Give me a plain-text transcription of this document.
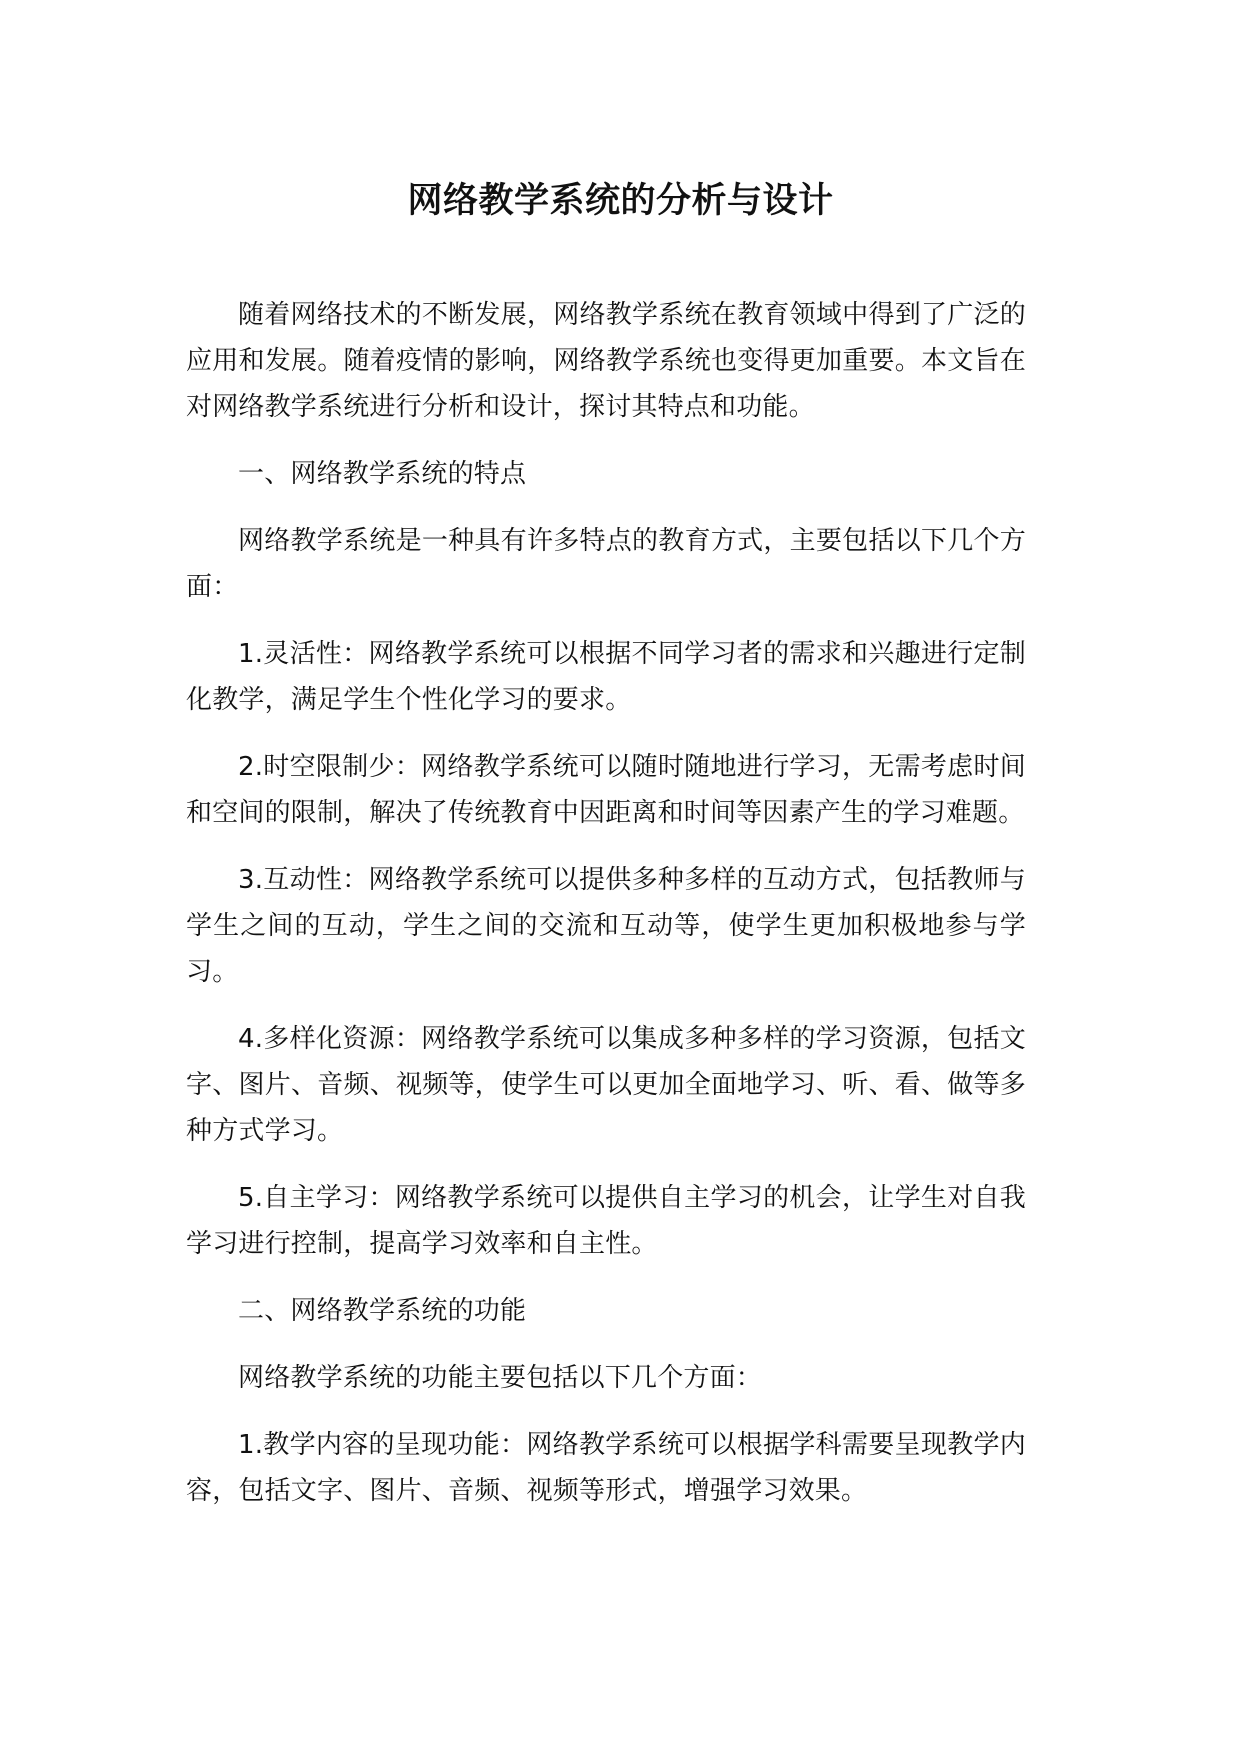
网络教学系统的分析与设计

随着网络技术的不断发展，网络教学系统在教育领域中得到了广泛的应用和发展。随着疫情的影响，网络教学系统也变得更加重要。本文旨在对网络教学系统进行分析和设计，探讨其特点和功能。

一、网络教学系统的特点

网络教学系统是一种具有许多特点的教育方式，主要包括以下几个方面：

1.灵活性：网络教学系统可以根据不同学习者的需求和兴趣进行定制化教学，满足学生个性化学习的要求。

2.时空限制少：网络教学系统可以随时随地进行学习，无需考虑时间和空间的限制，解决了传统教育中因距离和时间等因素产生的学习难题。

3.互动性：网络教学系统可以提供多种多样的互动方式，包括教师与学生之间的互动，学生之间的交流和互动等，使学生更加积极地参与学习。

4.多样化资源：网络教学系统可以集成多种多样的学习资源，包括文字、图片、音频、视频等，使学生可以更加全面地学习、听、看、做等多种方式学习。

5.自主学习：网络教学系统可以提供自主学习的机会，让学生对自我学习进行控制，提高学习效率和自主性。

二、网络教学系统的功能

网络教学系统的功能主要包括以下几个方面：

1.教学内容的呈现功能：网络教学系统可以根据学科需要呈现教学内容，包括文字、图片、音频、视频等形式，增强学习效果。
